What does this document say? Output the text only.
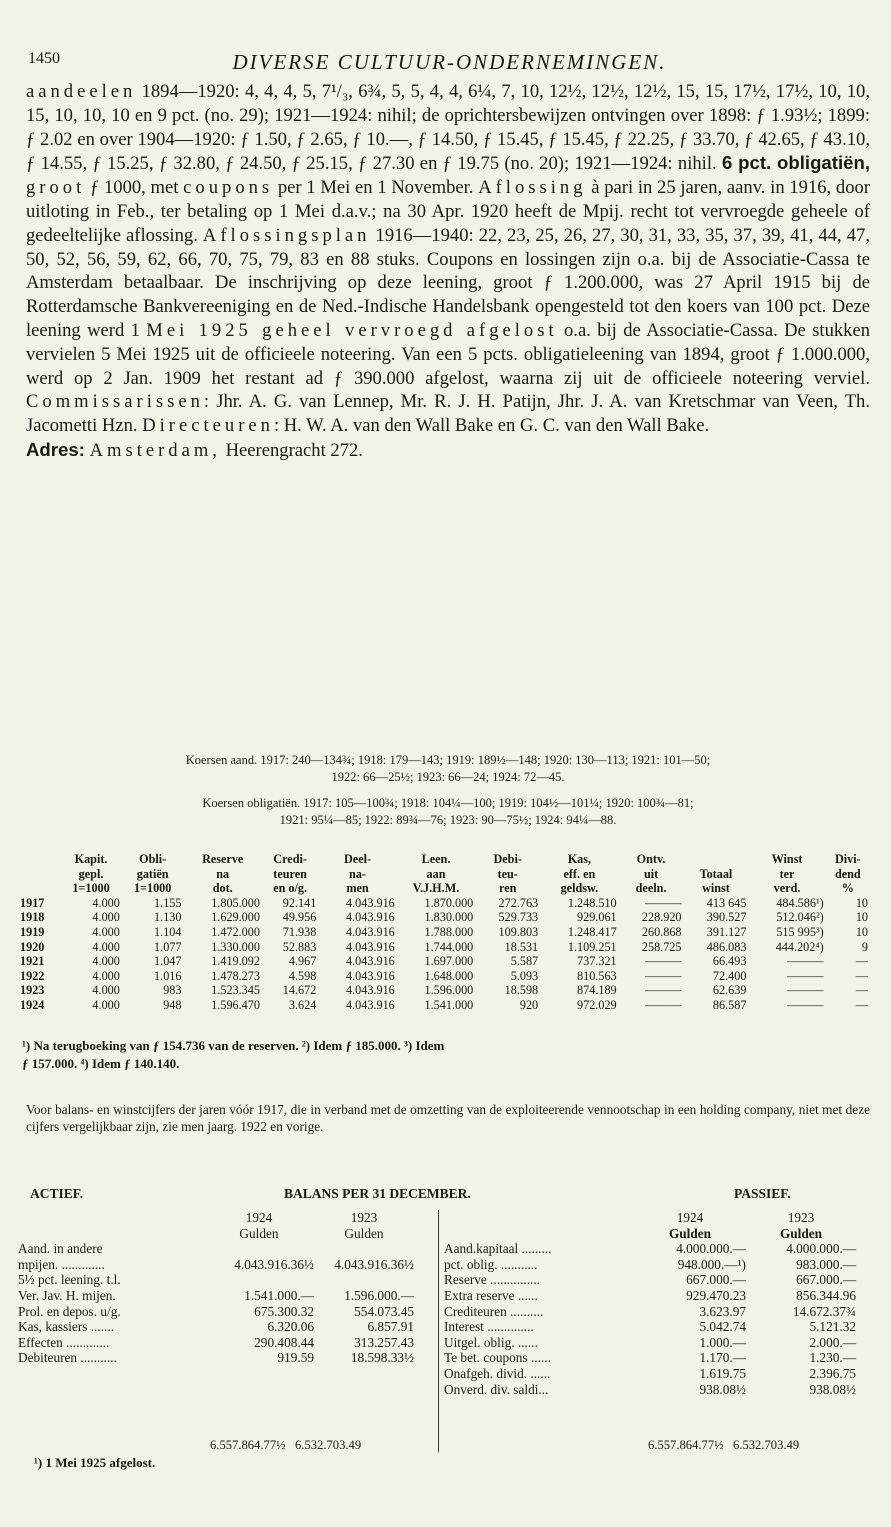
1450	DIVERSE CULTUUR-ONDERNEMINGEN.
aandeelen 1894—1920: 4, 4, 4, 5, 7¹/₃, 6¾, 5, 5, 4, 4, 6¼, 7, 10, 12½, 12½, 12½, 15, 15, 17½, 17½, 10, 10, 15, 10, 10, 10 en 9 pct. (no. 29); 1921—1924: nihil; de oprichtersbewijzen ontvingen over 1898: ƒ 1.93½; 1899: ƒ 2.02 en over 1904—1920: ƒ 1.50, ƒ 2.65, ƒ 10.—, ƒ 14.50, ƒ 15.45, ƒ 15.45, ƒ 22.25, ƒ 33.70, ƒ 42.65, ƒ 43.10, ƒ 14.55, ƒ 15.25, ƒ 32.80, ƒ 24.50, ƒ 25.15, ƒ 27.30 en ƒ 19.75 (no. 20); 1921—1924: nihil. 6 pct. obligatiën, groot ƒ 1000, met coupons per 1 Mei en 1 November. Aflossing à pari in 25 jaren, aanv. in 1916, door uitloting in Feb., ter betaling op 1 Mei d.a.v.; na 30 Apr. 1920 heeft de Mpij. recht tot vervroegde geheele of gedeeltelijke aflossing. Aflossingsplan 1916—1940: 22, 23, 25, 26, 27, 30, 31, 33, 35, 37, 39, 41, 44, 47, 50, 52, 56, 59, 62, 66, 70, 75, 79, 83 en 88 stuks. Coupons en lossingen zijn o.a. bij de Associatie-Cassa te Amsterdam betaalbaar. De inschrijving op deze leening, groot ƒ 1.200.000, was 27 April 1915 bij de Rotterdamsche Bankvereeniging en de Ned.-Indische Handelsbank opengesteld tot den koers van 100 pct. Deze leening werd 1 Mei 1925 geheel vervroegd afgelost o.a. bij de Associatie-Cassa. De stukken vervielen 5 Mei 1925 uit de officieele noteering. Van een 5 pcts. obligatieleening van 1894, groot ƒ 1.000.000, werd op 2 Jan. 1909 het restant ad ƒ 390.000 afgelost, waarna zij uit de officieele noteering verviel. Commissarissen: Jhr. A. G. van Lennep, Mr. R. J. H. Patijn, Jhr. J. A. van Kretschmar van Veen, Th. Jacometti Hzn. Directeuren: H. W. A. van den Wall Bake en G. C. van den Wall Bake.
Adres: Amsterdam, Heerengracht 272.
Koersen aand. 1917: 240—134¾; 1918: 179—143; 1919: 189½—148; 1920: 130—113; 1921: 101—50;
1922: 66—25½; 1923: 66—24; 1924: 72—45.
Koersen obligatiën. 1917: 105—100¾; 1918: 104¼—100; 1919: 104½—101¼; 1920: 100¾—81;
1921: 95¼—85; 1922: 89¾—76; 1923: 90—75½; 1924: 94¼—88.
	Kapit.	Obli-	Reserve	Credi-	Deel-	Leen.	Debi-	Kas,	Ontv.		Winst	Divi-
	gepl.	gatiën	na	teuren	na-	aan	teu-	eff. en	uit	Totaal	ter	dend
	1=1000	1=1000	dot.	en o/g.	men	V.J.H.M.	ren	geldsw.	deeln.	winst	verd.	%
1917	4.000	1.155	1.805.000	92.141	4.043.916	1.870.000	272.763	1.248.510	———	413 645	484.586¹)	10
1918	4.000	1.130	1.629.000	49.956	4.043.916	1.830.000	529.733	929.061	228.920	390.527	512.046²)	10
1919	4.000	1.104	1.472.000	71.938	4.043.916	1.788.000	109.803	1.248.417	260.868	391.127	515 995³)	10
1920	4.000	1.077	1.330.000	52.883	4.043.916	1.744.000	18.531	1.109.251	258.725	486.083	444.202⁴)	9
1921	4.000	1.047	1.419.092	4.967	4.043.916	1.697.000	5.587	737.321	———	66.493	———	—
1922	4.000	1.016	1.478.273	4.598	4.043.916	1.648.000	5.093	810.563	———	72.400	———	—
1923	4.000	983	1.523.345	14.672	4.043.916	1.596.000	18.598	874.189	———	62.639	———	—
1924	4.000	948	1.596.470	3.624	4.043.916	1.541.000	920	972.029	———	86.587	———	—
¹) Na terugboeking van ƒ 154.736 van de reserven. ²) Idem ƒ 185.000. ³) Idem
ƒ 157.000. ⁴) Idem ƒ 140.140.
Voor balans- en winstcijfers der jaren vóór 1917, die in verband met de omzetting van de exploiteerende vennootschap in een holding company, niet met deze cijfers vergelijkbaar zijn, zie men jaarg. 1922 en vorige.
ACTIEF.	BALANS PER 31 DECEMBER.	PASSIEF.
	1924	1923
	Gulden	Gulden
Aand. in andere		
mpijen. .............	4.043.916.36½	4.043.916.36½
5½ pct. leening. t.l.		
Ver. Jav. H. mijen.	1.541.000.—	1.596.000.—
Prol. en depos. u/g.	675.300.32	554.073.45
Kas, kassiers .......	6.320.06	6.857.91
Effecten .............	290.408.44	313.257.43
Debiteuren ...........	919.59	18.598.33½
	1924	1923
	Gulden	Gulden
Aand.kapitaal .........	4.000.000.—	4.000.000.—
pct. oblig. ...........	948.000.—¹)	983.000.—
Reserve ...............	667.000.—	667.000.—
Extra reserve ......	929.470.23	856.344.96
Crediteuren ..........	3.623.97	14.672.37¾
Interest ..............	5.042.74	5.121.32
Uitgel. oblig. ......	1.000.—	2.000.—
Te bet. coupons ......	1.170.—	1.230.—
Onafgeh. divid. ......	1.619.75	2.396.75
Onverd. div. saldi...	938.08½	938.08½
6.557.864.77½ 6.532.703.49	6.557.864.77½ 6.532.703.49
¹) 1 Mei 1925 afgelost.
